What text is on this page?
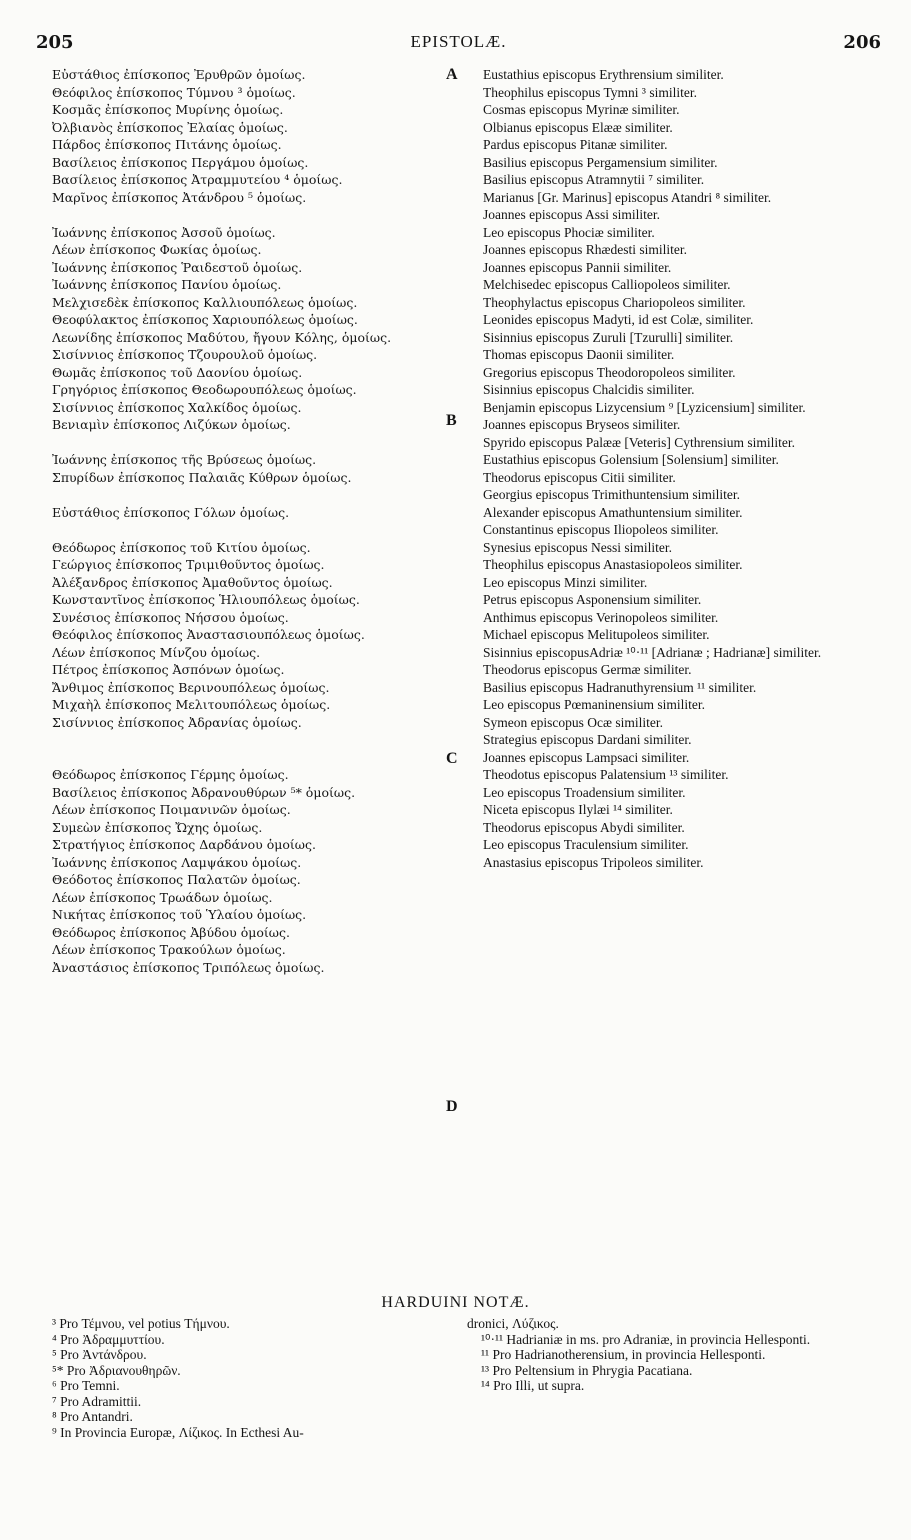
205	EPISTOLÆ.	206
A
B
C
D
Εὐστάθιος ἐπίσκοπος Ἐρυθρῶν ὁμοίως.
Θεόφιλος ἐπίσκοπος Τύμνου ³ ὁμοίως.
Κοσμᾶς ἐπίσκοπος Μυρίνης ὁμοίως.
Ὀλβιανὸς ἐπίσκοπος Ἐλαίας ὁμοίως.
Πάρδος ἐπίσκοπος Πιτάνης ὁμοίως.
Βασίλειος ἐπίσκοπος Περγάμου ὁμοίως.
Βασίλειος ἐπίσκοπος Ἀτραμμυτείου ⁴ ὁμοίως.
Μαρῖνος ἐπίσκοπος Ἀτάνδρου ⁵ ὁμοίως.
Ἰωάννης ἐπίσκοπος Ἀσσοῦ ὁμοίως.
Λέων ἐπίσκοπος Φωκίας ὁμοίως.
Ἰωάννης ἐπίσκοπος Ῥαιδεστοῦ ὁμοίως.
Ἰωάννης ἐπίσκοπος Πανίου ὁμοίως.
Μελχισεδὲκ ἐπίσκοπος Καλλιουπόλεως ὁμοίως.
Θεοφύλακτος ἐπίσκοπος Χαριουπόλεως ὁμοίως.
Λεωνίδης ἐπίσκοπος Μαδύτου, ἤγουν Κόλης, ὁμοίως.
Σισίννιος ἐπίσκοπος Τζουρουλοῦ ὁμοίως.
Θωμᾶς ἐπίσκοπος τοῦ Δαονίου ὁμοίως.
Γρηγόριος ἐπίσκοπος Θεοδωρουπόλεως ὁμοίως.
Σισίννιος ἐπίσκοπος Χαλκίδος ὁμοίως.
Βενιαμὶν ἐπίσκοπος Λιζύκων ὁμοίως.
Ἰωάννης ἐπίσκοπος τῆς Βρύσεως ὁμοίως.
Σπυρίδων ἐπίσκοπος Παλαιᾶς Κύθρων ὁμοίως.
Εὐστάθιος ἐπίσκοπος Γόλων ὁμοίως.
Θεόδωρος ἐπίσκοπος τοῦ Κιτίου ὁμοίως.
Γεώργιος ἐπίσκοπος Τριμιθοῦντος ὁμοίως.
Ἀλέξανδρος ἐπίσκοπος Ἀμαθοῦντος ὁμοίως.
Κωνσταντῖνος ἐπίσκοπος Ἡλιουπόλεως ὁμοίως.
Συνέσιος ἐπίσκοπος Νήσσου ὁμοίως.
Θεόφιλος ἐπίσκοπος Ἀναστασιουπόλεως ὁμοίως.
Λέων ἐπίσκοπος Μίνζου ὁμοίως.
Πέτρος ἐπίσκοπος Ἀσπόνων ὁμοίως.
Ἄνθιμος ἐπίσκοπος Βερινουπόλεως ὁμοίως.
Μιχαὴλ ἐπίσκοπος Μελιτουπόλεως ὁμοίως.
Σισίννιος ἐπίσκοπος Ἀδρανίας ὁμοίως.
Θεόδωρος ἐπίσκοπος Γέρμης ὁμοίως.
Βασίλειος ἐπίσκοπος Ἀδρανουθύρων ⁵* ὁμοίως.
Λέων ἐπίσκοπος Ποιμανινῶν ὁμοίως.
Συμεὼν ἐπίσκοπος Ὤχης ὁμοίως.
Στρατήγιος ἐπίσκοπος Δαρδάνου ὁμοίως.
Ἰωάννης ἐπίσκοπος Λαμψάκου ὁμοίως.
Θεόδοτος ἐπίσκοπος Παλατῶν ὁμοίως.
Λέων ἐπίσκοπος Τρωάδων ὁμοίως.
Νικήτας ἐπίσκοπος τοῦ Ὑλαίου ὁμοίως.
Θεόδωρος ἐπίσκοπος Ἀβύδου ὁμοίως.
Λέων ἐπίσκοπος Τρακούλων ὁμοίως.
Ἀναστάσιος ἐπίσκοπος Τριπόλεως ὁμοίως.
Eustathius episcopus Erythrensium similiter.
Theophilus episcopus Tymni ³ similiter.
Cosmas episcopus Myrinæ similiter.
Olbianus episcopus Elææ similiter.
Pardus episcopus Pitanæ similiter.
Basilius episcopus Pergamensium similiter.
Basilius episcopus Atramnytii ⁷ similiter.
Marianus [Gr. Marinus] episcopus Atandri ⁸ similiter.
Joannes episcopus Assi similiter.
Leo episcopus Phociæ similiter.
Joannes episcopus Rhædesti similiter.
Joannes episcopus Pannii similiter.
Melchisedec episcopus Calliopoleos similiter.
Theophylactus episcopus Chariopoleos similiter.
Leonides episcopus Madyti, id est Colæ, similiter.
Sisinnius episcopus Zuruli [Tzurulli] similiter.
Thomas episcopus Daonii similiter.
Gregorius episcopus Theodoropoleos similiter.
Sisinnius episcopus Chalcidis similiter.
Benjamin episcopus Lizycensium ⁹ [Lyzicensium] similiter.
Joannes episcopus Bryseos similiter.
Spyrido episcopus Palææ [Veteris] Cythrensium similiter.
Eustathius episcopus Golensium [Solensium] similiter.
Theodorus episcopus Citii similiter.
Georgius episcopus Trimithuntensium similiter.
Alexander episcopus Amathuntensium similiter.
Constantinus episcopus Iliopoleos similiter.
Synesius episcopus Nessi similiter.
Theophilus episcopus Anastasiopoleos similiter.
Leo episcopus Minzi similiter.
Petrus episcopus Asponensium similiter.
Anthimus episcopus Verinopoleos similiter.
Michael episcopus Melitupoleos similiter.
Sisinnius episcopusAdriæ ¹⁰·¹¹ [Adrianæ ; Hadrianæ] similiter.
Theodorus episcopus Germæ similiter.
Basilius episcopus Hadranuthyrensium ¹¹ similiter.
Leo episcopus Pœmaninensium similiter.
Symeon episcopus Ocæ similiter.
Strategius episcopus Dardani similiter.
Joannes episcopus Lampsaci similiter.
Theodotus episcopus Palatensium ¹³ similiter.
Leo episcopus Troadensium similiter.
Niceta episcopus Ilylæi ¹⁴ similiter.
Theodorus episcopus Abydi similiter.
Leo episcopus Traculensium similiter.
Anastasius episcopus Tripoleos similiter.
HARDUINI NOTÆ.

³ Pro Τέμνου, vel potius Τήμνου.

⁴ Pro Ἀδραμμυττίου.

⁵ Pro Ἀντάνδρου.

⁵* Pro Ἀδριανουθηρῶν.

⁶ Pro Temni.

⁷ Pro Adramittii.

⁸ Pro Antandri.

⁹ In Provincia Europæ, Λίζικος. In Ecthesi Au-

dronici, Λύζικος.

¹⁰·¹¹ Hadrianiæ in ms. pro Adraniæ, in provincia Hellesponti.

¹¹ Pro Hadrianotherensium, in provincia Hellesponti.

¹³ Pro Peltensium in Phrygia Pacatiana.

¹⁴ Pro Illi, ut supra.
